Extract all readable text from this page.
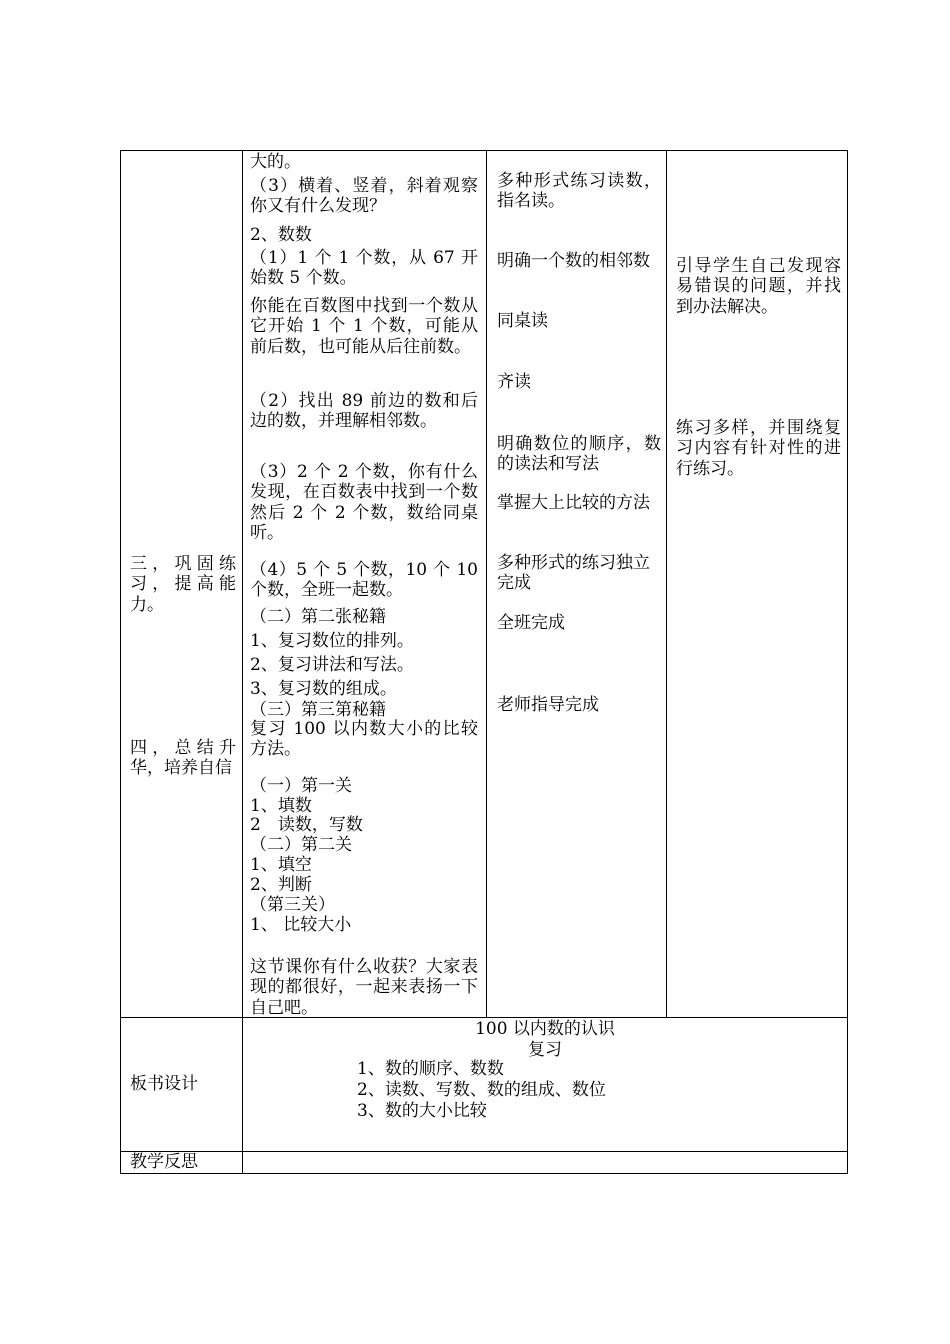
三，巩固练习，提高能力。
四，总结升华，培养自信
大的。
（3）横着、竖着，斜着观察你又有什么发现？
2、数数
（1）1 个 1 个数，从 67 开始数 5 个数。
你能在百数图中找到一个数从它开始 1 个 1 个数，可能从前后数，也可能从后往前数。
（2）找出 89 前边的数和后边的数，并理解相邻数。
（3）2 个 2 个数，你有什么发现，在百数表中找到一个数然后 2 个 2 个数，数给同桌听。
（4）5 个 5 个数，10 个 10 个数，全班一起数。
（二）第二张秘籍
1、复习数位的排列。
2、复习讲法和写法。
3、复习数的组成。
（三）第三第秘籍
复习 100 以内数大小的比较方法。
（一）第一关
1、填数
2　读数，写数
（二）第二关
1、填空
2、判断
（第三关）
1、 比较大小
这节课你有什么收获？大家表现的都很好，一起来表扬一下自己吧。
多种形式练习读数，指名读。
明确一个数的相邻数
同桌读
齐读
明确数位的顺序，数的读法和写法
掌握大上比较的方法
多种形式的练习独立完成
全班完成
老师指导完成
引导学生自己发现容易错误的问题，并找到办法解决。
练习多样，并围绕复习内容有针对性的进行练习。
板书设计
100 以内数的认识
复习
1、数的顺序、数数
2、读数、写数、数的组成、数位
3、数的大小比较
教学反思
